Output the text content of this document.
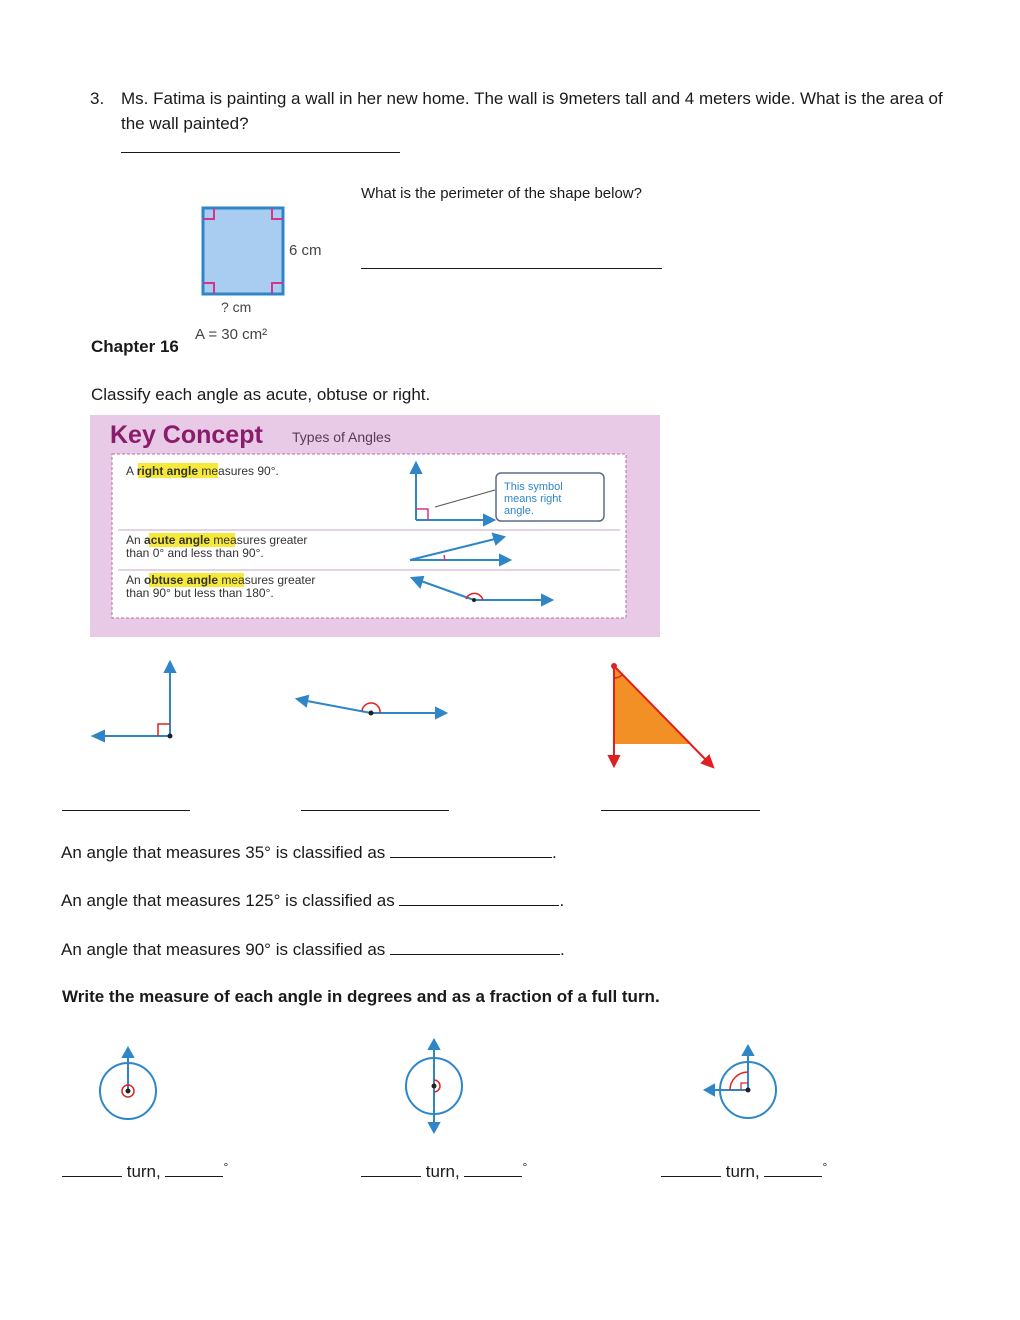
3. Ms. Fatima is painting a wall in her new home. The wall is 9meters tall and 4 meters wide. What is the area of the wall painted?
6 cm
? cm
A = 30 cm²
What is the perimeter of the shape below?
Chapter 16
Classify each angle as acute, obtuse or right.
Key Concept Types of Angles
A right angle measures 90°.
This symbol
means right
angle.
An acute angle measures greater
than 0° and less than 90°.
An obtuse angle measures greater
than 90° but less than 180°.
An angle that measures 35° is classified as	.
An angle that measures 125° is classified as	.
An angle that measures 90° is classified as	.
Write the measure of each angle in degrees and as a fraction of a full turn.
turn,	°	turn,	°	turn,	°
